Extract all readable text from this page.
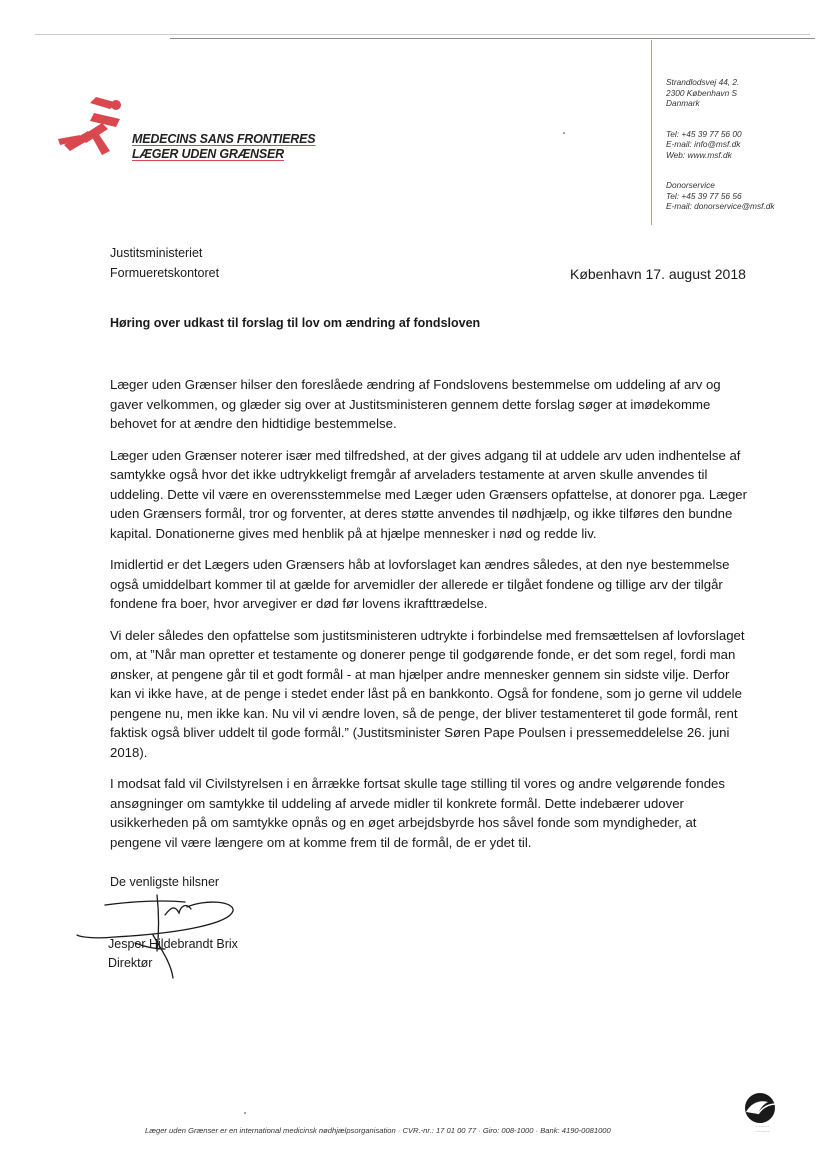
MEDECINS SANS FRONTIERES
LÆGER UDEN GRÆNSER
Strandlodsvej 44, 2.
2300 København S
Danmark
Tel: +45 39 77 56 00
E-mail: info@msf.dk
Web: www.msf.dk
Donorservice
Tel: +45 39 77 56 56
E-mail: donorservice@msf.dk
Justitsministeriet
Formueretskontoret	København 17. august 2018
Høring over udkast til forslag til lov om ændring af fondsloven

Læger uden Grænser hilser den foreslåede ændring af Fondslovens bestemmelse om uddeling af arv og gaver velkommen, og glæder sig over at Justitsministeren gennem dette forslag søger at imødekomme behovet for at ændre den hidtidige bestemmelse.

Læger uden Grænser noterer især med tilfredshed, at der gives adgang til at uddele arv uden indhentelse af samtykke også hvor det ikke udtrykkeligt fremgår af arveladers testamente at arven skulle anvendes til uddeling. Dette vil være en overensstemmelse med Læger uden Grænsers opfattelse, at donorer pga. Læger uden Grænsers formål, tror og forventer, at deres støtte anvendes til nødhjælp, og ikke tilføres den bundne kapital. Donationerne gives med henblik på at hjælpe mennesker i nød og redde liv.

Imidlertid er det Lægers uden Grænsers håb at lovforslaget kan ændres således, at den nye bestemmelse også umiddelbart kommer til at gælde for arvemidler der allerede er tilgået fondene og tillige arv der tilgår fondene fra boer, hvor arvegiver er død før lovens ikrafttrædelse.

Vi deler således den opfattelse som justitsministeren udtrykte i forbindelse med fremsættelsen af lovforslaget om, at ”Når man opretter et testamente og donerer penge til godgørende fonde, er det som regel, fordi man ønsker, at pengene går til et godt formål - at man hjælper andre mennesker gennem sin sidste vilje. Derfor kan vi ikke have, at de penge i stedet ender låst på en bankkonto. Også for fondene, som jo gerne vil uddele pengene nu, men ikke kan. Nu vil vi ændre loven, så de penge, der bliver testamenteret til gode formål, rent faktisk også bliver uddelt til gode formål.” (Justitsminister Søren Pape Poulsen i pressemeddelelse 26. juni 2018).

I modsat fald vil Civilstyrelsen i en årrække fortsat skulle tage stilling til vores og andre velgørende fondes ansøgninger om samtykke til uddeling af arvede midler til konkrete formål. Dette indebærer udover usikkerheden på om samtykke opnås og en øget arbejdsbyrde hos såvel fonde som myndigheder, at pengene vil være længere om at komme frem til de formål, de er ydet til.

De venligste hilsner
Jesper Hildebrandt Brix
Direktør
Læger uden Grænser er en international medicinsk nødhjælpsorganisation · CVR.-nr.: 17 01 00 77 · Giro: 008-1000 · Bank: 4190-0081000	·········
·········
